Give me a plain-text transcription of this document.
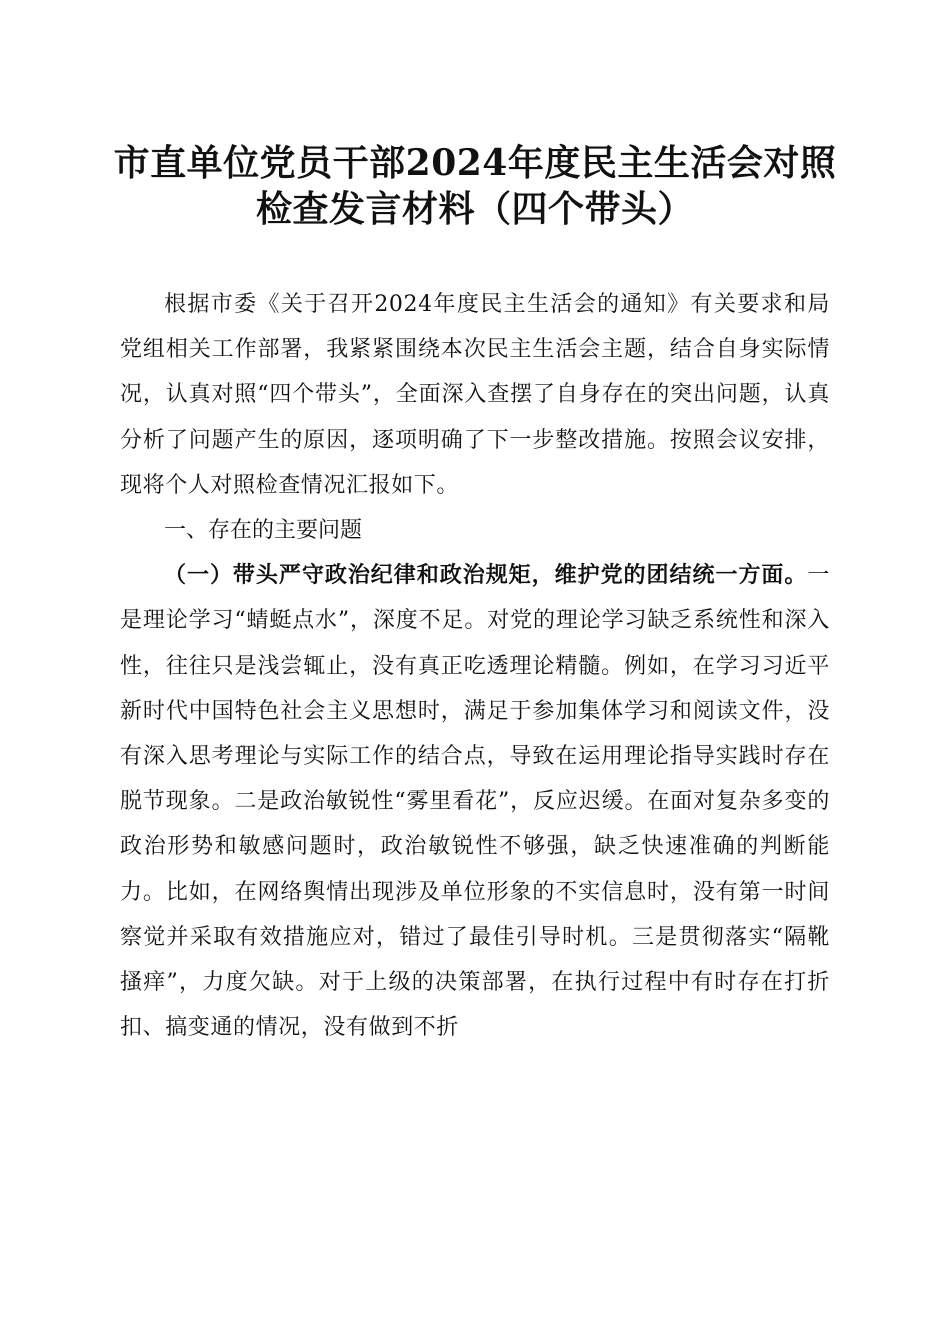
市直单位党员干部2024年度民主生活会对照
检查发言材料（四个带头）

根据市委《关于召开2024年度民主生活会的通知》有关要求和局党组相关工作部署，我紧紧围绕本次民主生活会主题，结合自身实际情况，认真对照“四个带头”，全面深入查摆了自身存在的突出问题，认真分析了问题产生的原因，逐项明确了下一步整改措施。按照会议安排，现将个人对照检查情况汇报如下。

一、存在的主要问题

（一）带头严守政治纪律和政治规矩，维护党的团结统一方面。一是理论学习“蜻蜓点水”，深度不足。对党的理论学习缺乏系统性和深入性，往往只是浅尝辄止，没有真正吃透理论精髓。例如，在学习习近平新时代中国特色社会主义思想时，满足于参加集体学习和阅读文件，没有深入思考理论与实际工作的结合点，导致在运用理论指导实践时存在脱节现象。二是政治敏锐性“雾里看花”，反应迟缓。在面对复杂多变的政治形势和敏感问题时，政治敏锐性不够强，缺乏快速准确的判断能力。比如，在网络舆情出现涉及单位形象的不实信息时，没有第一时间察觉并采取有效措施应对，错过了最佳引导时机。三是贯彻落实“隔靴搔痒”，力度欠缺。对于上级的决策部署，在执行过程中有时存在打折扣、搞变通的情况，没有做到不折
